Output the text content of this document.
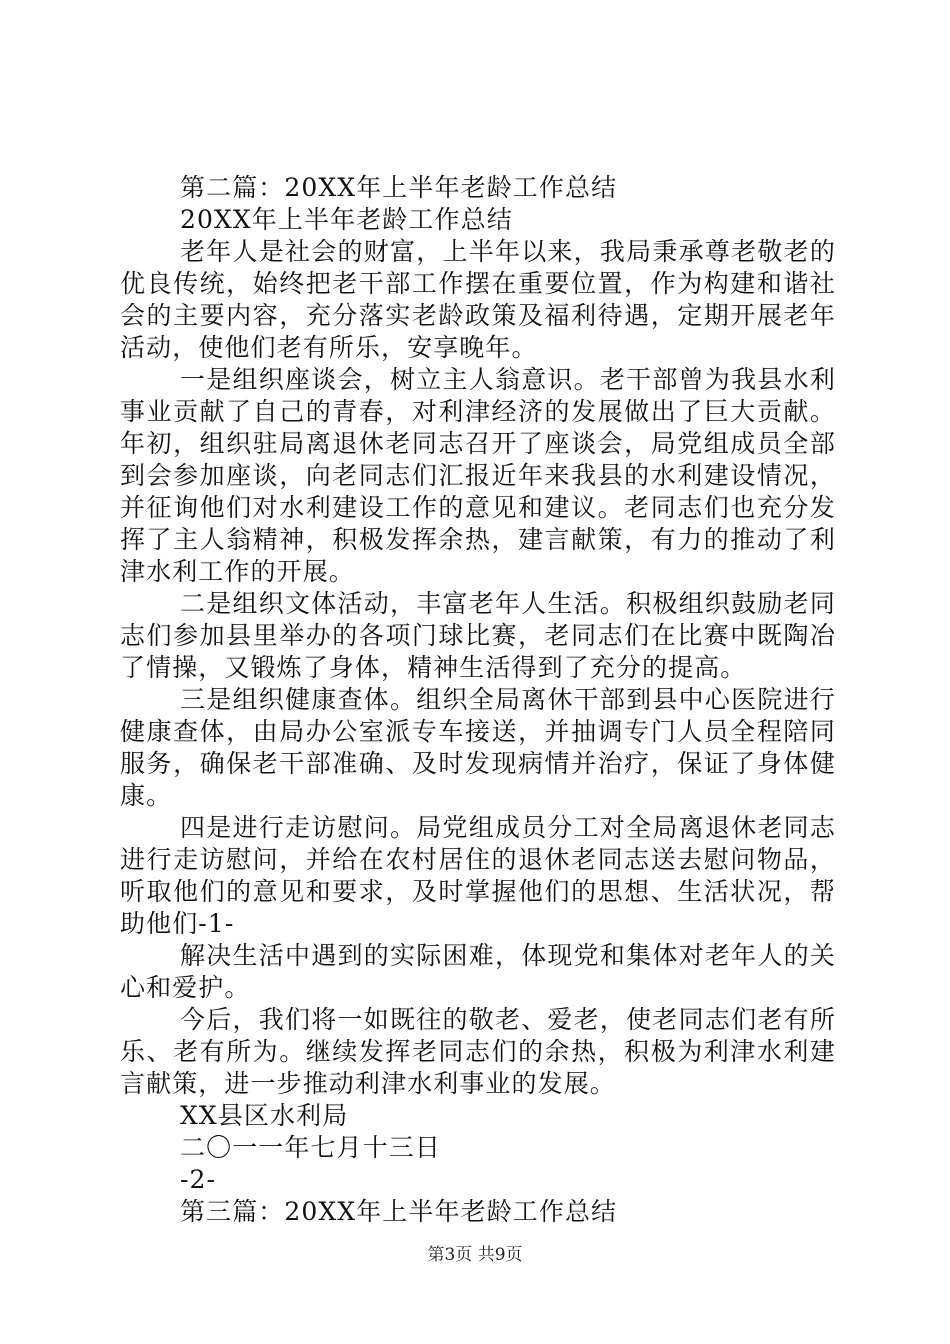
第二篇：20XX年上半年老龄工作总结
20XX年上半年老龄工作总结

老年人是社会的财富，上半年以来，我局秉承尊老敬老的优良传统，始终把老干部工作摆在重要位置，作为构建和谐社会的主要内容，充分落实老龄政策及福利待遇，定期开展老年活动，使他们老有所乐，安享晚年。

一是组织座谈会，树立主人翁意识。老干部曾为我县水利事业贡献了自己的青春，对利津经济的发展做出了巨大贡献。年初，组织驻局离退休老同志召开了座谈会，局党组成员全部到会参加座谈，向老同志们汇报近年来我县的水利建设情况，并征询他们对水利建设工作的意见和建议。老同志们也充分发挥了主人翁精神，积极发挥余热，建言献策，有力的推动了利津水利工作的开展。

二是组织文体活动，丰富老年人生活。积极组织鼓励老同志们参加县里举办的各项门球比赛，老同志们在比赛中既陶冶了情操，又锻炼了身体，精神生活得到了充分的提高。

三是组织健康查体。组织全局离休干部到县中心医院进行健康查体，由局办公室派专车接送，并抽调专门人员全程陪同服务，确保老干部准确、及时发现病情并治疗，保证了身体健康。

四是进行走访慰问。局党组成员分工对全局离退休老同志进行走访慰问，并给在农村居住的退休老同志送去慰问物品，听取他们的意见和要求，及时掌握他们的思想、生活状况，帮助他们-1-

解决生活中遇到的实际困难，体现党和集体对老年人的关心和爱护。

今后，我们将一如既往的敬老、爱老，使老同志们老有所乐、老有所为。继续发挥老同志们的余热，积极为利津水利建言献策，进一步推动利津水利事业的发展。

XX县区水利局
二〇一一年七月十三日
-2-
第三篇：20XX年上半年老龄工作总结
第3页 共9页
